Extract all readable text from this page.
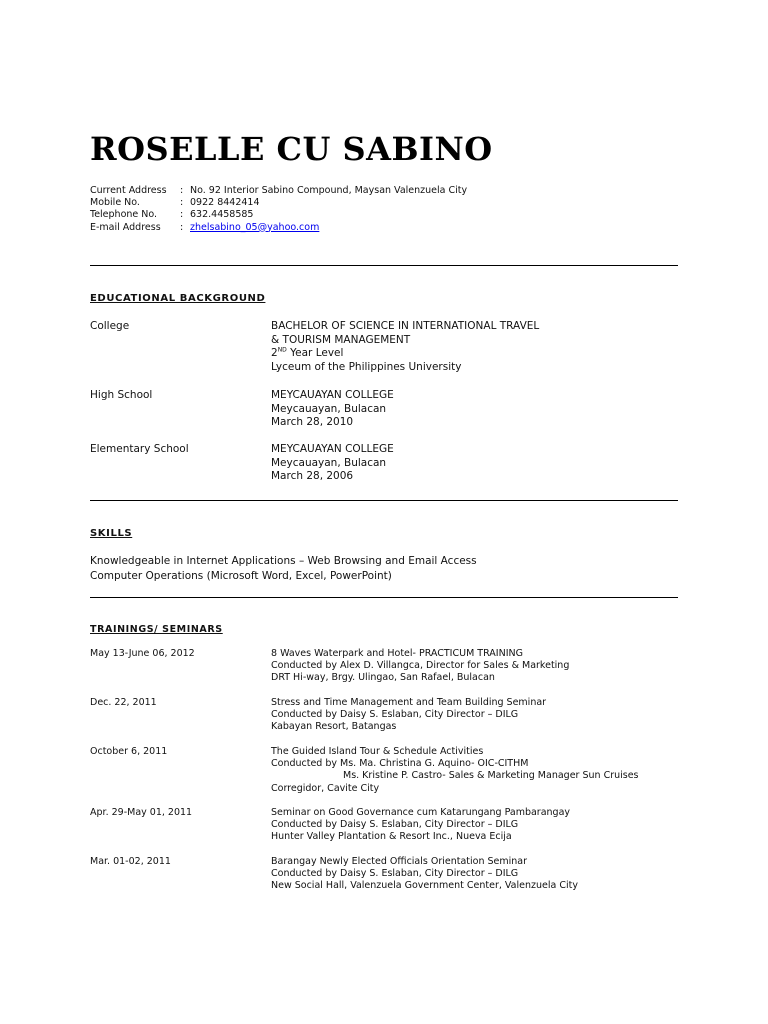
ROSELLE CU SABINO
Current Address	: No. 92 Interior Sabino Compound, Maysan Valenzuela City
Mobile No.	: 0922 8442414
Telephone No.	: 632.4458585
E-mail Address	: zhelsabino_05@yahoo.com
EDUCATIONAL BACKGROUND
College	BACHELOR OF SCIENCE IN INTERNATIONAL TRAVEL
& TOURISM MANAGEMENT
2ND Year Level
Lyceum of the Philippines University
High School	MEYCAUAYAN COLLEGE
Meycauayan, Bulacan
March 28, 2010
Elementary School	MEYCAUAYAN COLLEGE
Meycauayan, Bulacan
March 28, 2006
SKILLS
Knowledgeable in Internet Applications – Web Browsing and Email Access
Computer Operations (Microsoft Word, Excel, PowerPoint)
TRAININGS/ SEMINARS
May 13-June 06, 2012	8 Waves Waterpark and Hotel- PRACTICUM TRAINING
Conducted by Alex D. Villangca, Director for Sales & Marketing
DRT Hi-way, Brgy. Ulingao, San Rafael, Bulacan
Dec. 22, 2011	Stress and Time Management and Team Building Seminar
Conducted by Daisy S. Eslaban, City Director – DILG
Kabayan Resort, Batangas
October 6, 2011	The Guided Island Tour & Schedule Activities
Conducted by Ms. Ma. Christina G. Aquino- OIC-CITHM
Ms. Kristine P. Castro- Sales & Marketing Manager Sun Cruises
Corregidor, Cavite City
Apr. 29-May 01, 2011	Seminar on Good Governance cum Katarungang Pambarangay
Conducted by Daisy S. Eslaban, City Director – DILG
Hunter Valley Plantation & Resort Inc., Nueva Ecija
Mar. 01-02, 2011	Barangay Newly Elected Officials Orientation Seminar
Conducted by Daisy S. Eslaban, City Director – DILG
New Social Hall, Valenzuela Government Center, Valenzuela City
